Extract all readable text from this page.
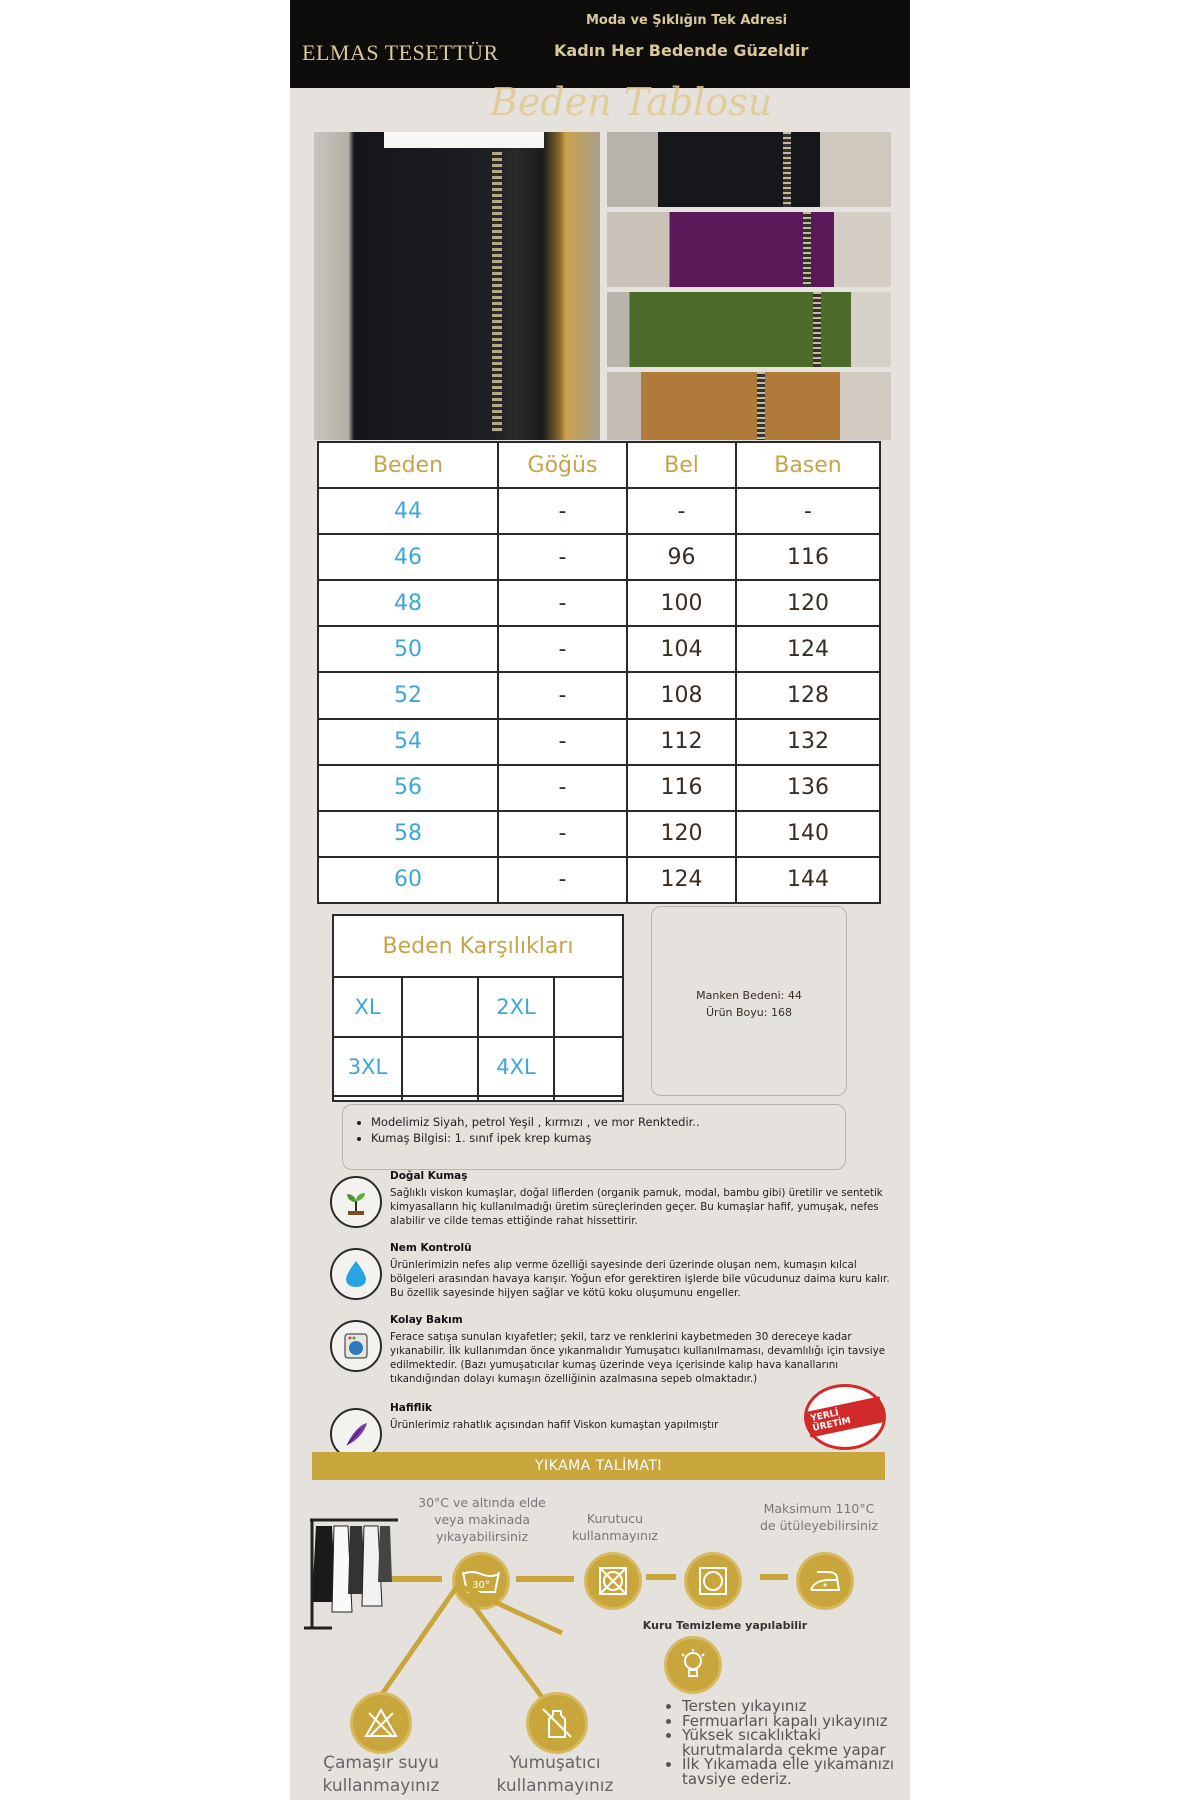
ELMAS TESETTÜR
Moda ve Şıklığın Tek Adresi
Kadın Her Bedende Güzeldir
Beden Tablosu
Beden	Göğüs	Bel	Basen
44	-	-	-
46	-	96	116
48	-	100	120
50	-	104	124
52	-	108	128
54	-	112	132
56	-	116	136
58	-	120	140
60	-	124	144
Beden Karşılıkları			
XL		2XL	
3XL		4XL	

Manken Bedeni: 44
Ürün Boyu: 168
• Modelimiz Siyah, petrol Yeşil , kırmızı , ve mor Renktedir..
• Kumaş Bilgisi: 1. sınıf ipek krep kumaş
Doğal Kumaş
Sağlıklı viskon kumaşlar, doğal liflerden (organik pamuk, modal, bambu gibi) üretilir ve sentetik kimyasalların hiç kullanılmadığı üretim süreçlerinden geçer. Bu kumaşlar hafif, yumuşak, nefes alabilir ve cilde temas ettiğinde rahat hissettirir.
Nem Kontrolü
Ürünlerimizin nefes alıp verme özelliği sayesinde deri üzerinde oluşan nem, kumaşın kılcal bölgeleri arasından havaya karışır. Yoğun efor gerektiren işlerde bile vücudunuz daima kuru kalır. Bu özellik sayesinde hijyen sağlar ve kötü koku oluşumunu engeller.
Kolay Bakım
Ferace satışa sunulan kıyafetler; şekil, tarz ve renklerini kaybetmeden 30 dereceye kadar yıkanabilir. İlk kullanımdan önce yıkanmalıdır Yumuşatıcı kullanılmaması, devamlılığı için tavsiye edilmektedir. (Bazı yumuşatıcılar kumaş üzerinde veya içerisinde kalıp hava kanallarını tıkandığından dolayı kumaşın özelliğinin azalmasına sepeb olmaktadır.)
Hafiflik
Ürünlerimiz rahatlık açısından hafif Viskon kumaştan yapılmıştır
YERLİ ÜRETİM
YIKAMA TALİMATI
30°
30°C ve altında elde veya makinada yıkayabilirsiniz
Kurutucu kullanmayınız
Kuru Temizleme yapılabilir
Maksimum 110°C de ütüleyebilirsiniz
Çamaşır suyu kullanmayınız
Yumuşatıcı kullanmayınız
• Tersten yıkayınız
• Fermuarları kapalı yıkayınız
• Yüksek sıcaklıktaki kurutmalarda çekme yapar
• İlk Yıkamada elle yıkamanızı tavsiye ederiz.
